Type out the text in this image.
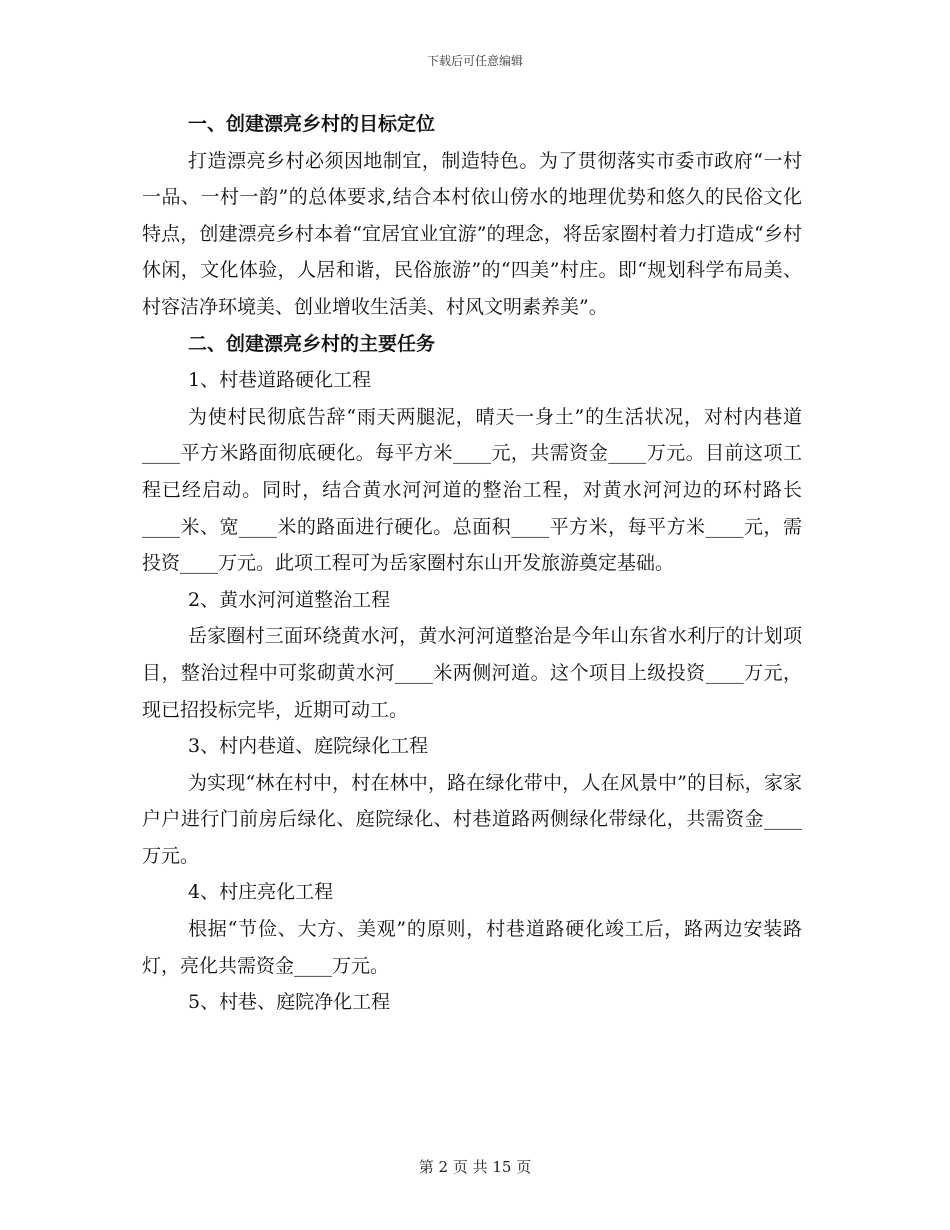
下载后可任意编辑

一、创建漂亮乡村的目标定位

打造漂亮乡村必须因地制宜，制造特色。为了贯彻落实市委市政府“一村一品、一村一韵”的总体要求,结合本村依山傍水的地理优势和悠久的民俗文化特点，创建漂亮乡村本着“宜居宜业宜游”的理念，将岳家圈村着力打造成“乡村休闲，文化体验，人居和谐，民俗旅游”的“四美”村庄。即“规划科学布局美、村容洁净环境美、创业增收生活美、村风文明素养美”。

二、创建漂亮乡村的主要任务

1、村巷道路硬化工程

为使村民彻底告辞“雨天两腿泥，晴天一身土”的生活状况，对村内巷道____平方米路面彻底硬化。每平方米____元，共需资金____万元。目前这项工程已经启动。同时，结合黄水河河道的整治工程，对黄水河河边的环村路长____米、宽____米的路面进行硬化。总面积____平方米，每平方米____元，需投资____万元。此项工程可为岳家圈村东山开发旅游奠定基础。

2、黄水河河道整治工程

岳家圈村三面环绕黄水河，黄水河河道整治是今年山东省水利厅的计划项目，整治过程中可浆砌黄水河____米两侧河道。这个项目上级投资____万元，现已招投标完毕，近期可动工。

3、村内巷道、庭院绿化工程

为实现“林在村中，村在林中，路在绿化带中，人在风景中”的目标，家家户户进行门前房后绿化、庭院绿化、村巷道路两侧绿化带绿化，共需资金____万元。

4、村庄亮化工程

根据“节俭、大方、美观”的原则，村巷道路硬化竣工后，路两边安装路灯，亮化共需资金____万元。

5、村巷、庭院净化工程

第 2 页 共 15 页
